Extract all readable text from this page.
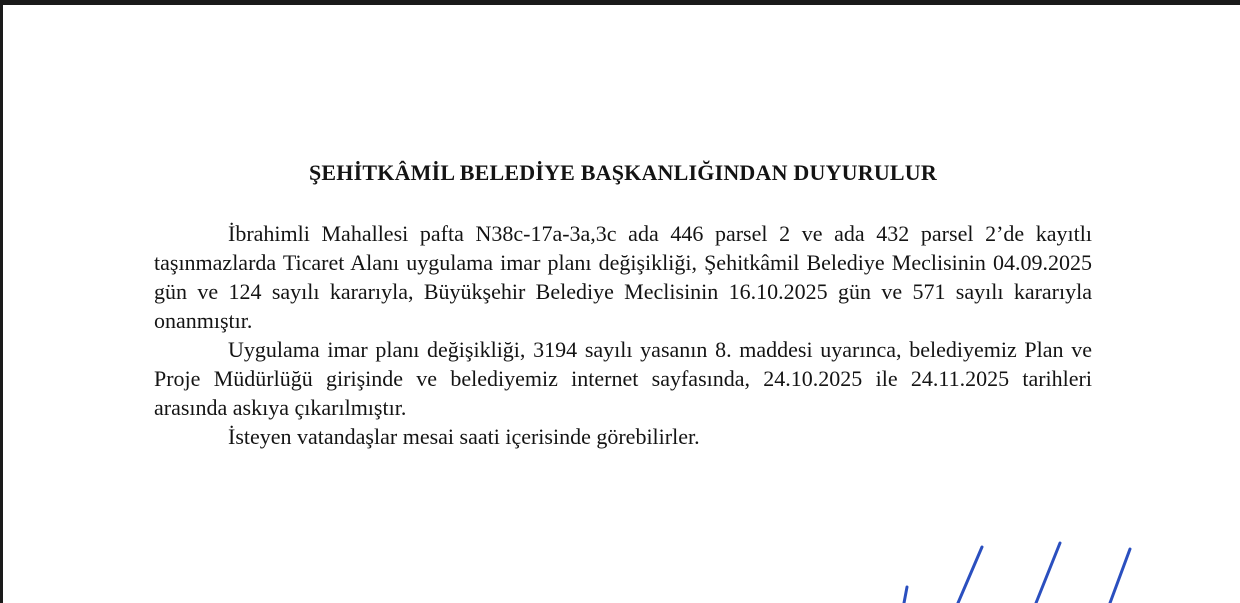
ŞEHİTKÂMİL BELEDİYE BAŞKANLIĞINDAN DUYURULUR

İbrahimli Mahallesi pafta N38c-17a-3a,3c ada 446 parsel 2 ve ada 432 parsel 2’de kayıtlı taşınmazlarda Ticaret Alanı uygulama imar planı değişikliği, Şehitkâmil Belediye Meclisinin 04.09.2025 gün ve 124 sayılı kararıyla, Büyükşehir Belediye Meclisinin 16.10.2025 gün ve 571 sayılı kararıyla onanmıştır.

Uygulama imar planı değişikliği, 3194 sayılı yasanın 8. maddesi uyarınca, belediyemiz Plan ve Proje Müdürlüğü girişinde ve belediyemiz internet sayfasında, 24.10.2025 ile 24.11.2025 tarihleri arasında askıya çıkarılmıştır.

İsteyen vatandaşlar mesai saati içerisinde görebilirler.
